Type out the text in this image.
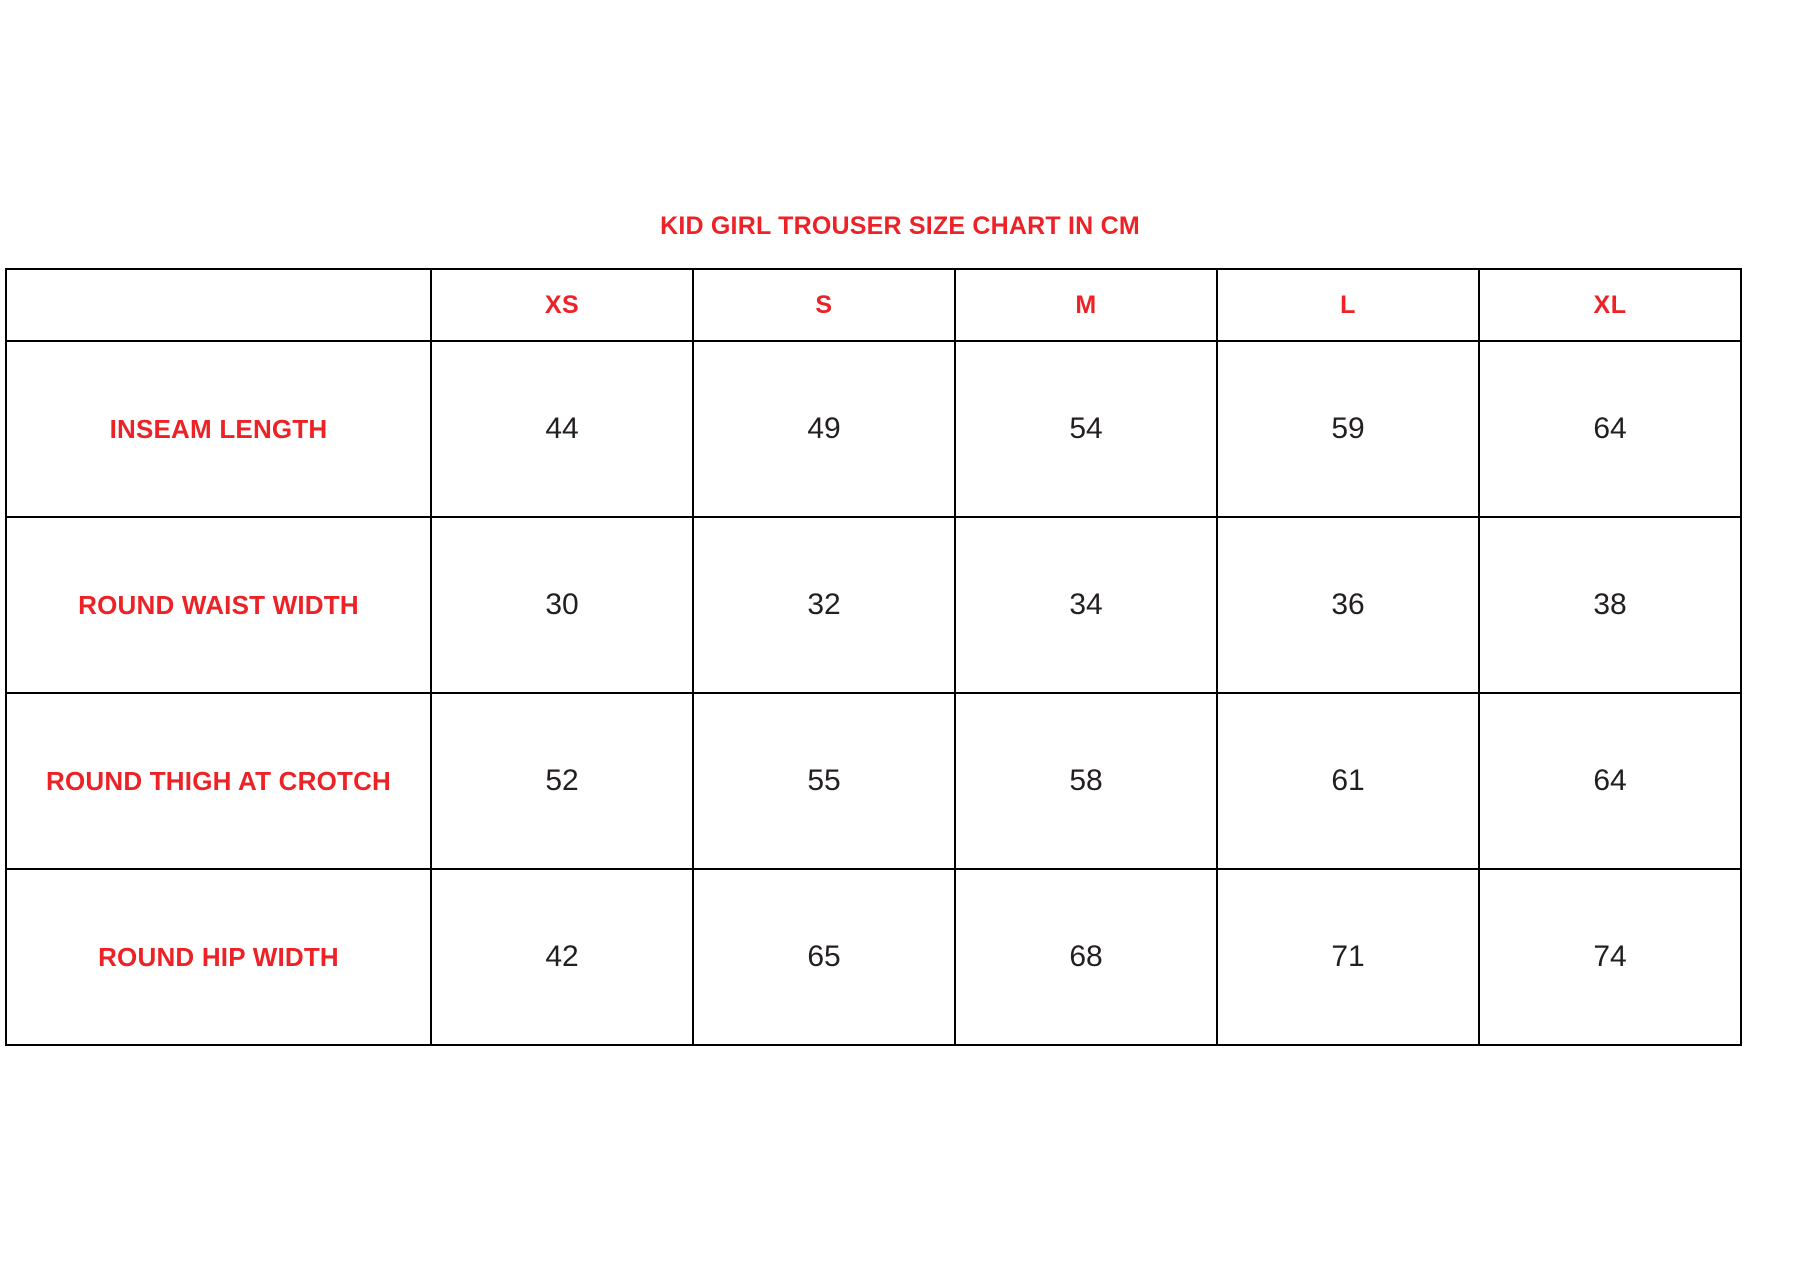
KID GIRL TROUSER SIZE CHART IN CM
	XS	S	M	L	XL
INSEAM LENGTH	44	49	54	59	64
ROUND WAIST WIDTH	30	32	34	36	38
ROUND THIGH AT CROTCH	52	55	58	61	64
ROUND HIP WIDTH	42	65	68	71	74
